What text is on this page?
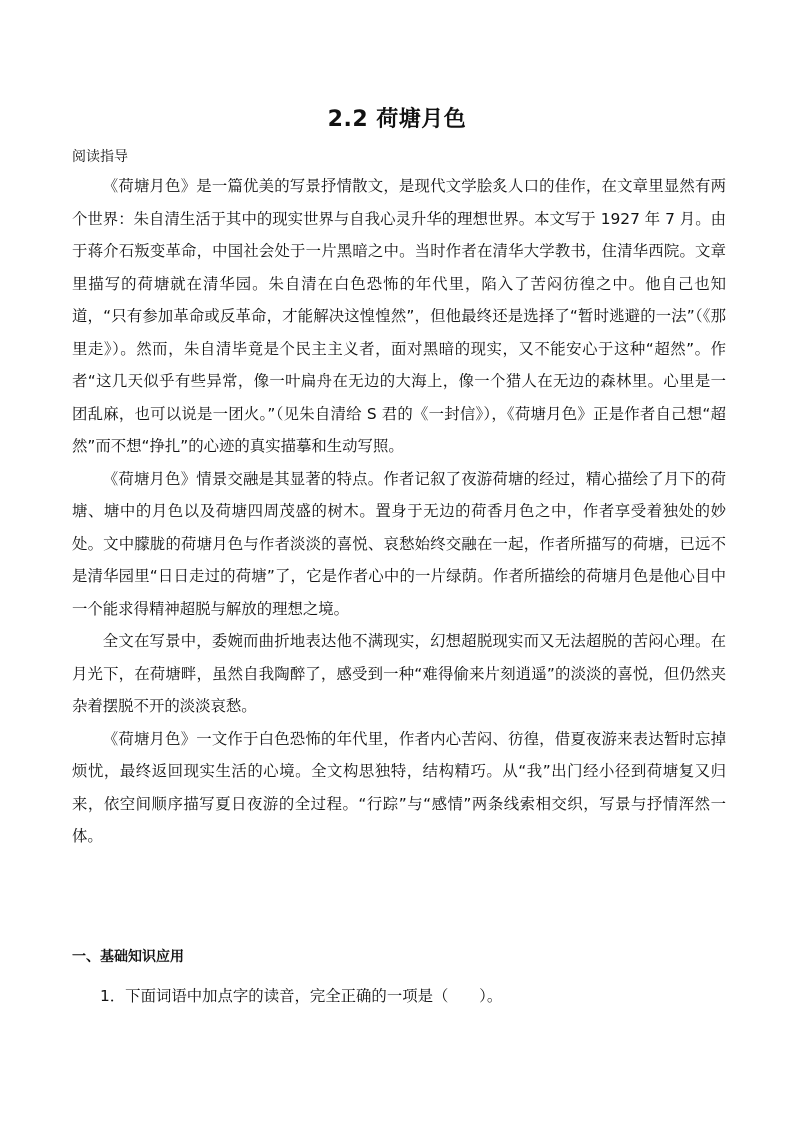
2.2 荷塘月色
阅读指导

《荷塘月色》是一篇优美的写景抒情散文，是现代文学脍炙人口的佳作，在文章里显然有两个世界：朱自清生活于其中的现实世界与自我心灵升华的理想世界。本文写于 1927 年 7 月。由于蒋介石叛变革命，中国社会处于一片黑暗之中。当时作者在清华大学教书，住清华西院。文章里描写的荷塘就在清华园。朱自清在白色恐怖的年代里，陷入了苦闷彷徨之中。他自己也知道，“只有参加革命或反革命，才能解决这惶惶然”，但他最终还是选择了“暂时逃避的一法”（《那里走》）。然而，朱自清毕竟是个民主主义者，面对黑暗的现实，又不能安心于这种“超然”。作者“这几天似乎有些异常，像一叶扁舟在无边的大海上，像一个猎人在无边的森林里。心里是一团乱麻，也可以说是一团火。”（见朱自清给 S 君的《一封信》），《荷塘月色》正是作者自己想“超然”而不想“挣扎”的心迹的真实描摹和生动写照。

《荷塘月色》情景交融是其显著的特点。作者记叙了夜游荷塘的经过，精心描绘了月下的荷塘、塘中的月色以及荷塘四周茂盛的树木。置身于无边的荷香月色之中，作者享受着独处的妙处。文中朦胧的荷塘月色与作者淡淡的喜悦、哀愁始终交融在一起，作者所描写的荷塘，已远不是清华园里“日日走过的荷塘”了，它是作者心中的一片绿荫。作者所描绘的荷塘月色是他心目中一个能求得精神超脱与解放的理想之境。

全文在写景中，委婉而曲折地表达他不满现实，幻想超脱现实而又无法超脱的苦闷心理。在月光下，在荷塘畔，虽然自我陶醉了，感受到一种“难得偷来片刻逍遥”的淡淡的喜悦，但仍然夹杂着摆脱不开的淡淡哀愁。

《荷塘月色》一文作于白色恐怖的年代里，作者内心苦闷、彷徨，借夏夜游来表达暂时忘掉烦忧，最终返回现实生活的心境。全文构思独特，结构精巧。从“我”出门经小径到荷塘复又归来，依空间顺序描写夏日夜游的全过程。“行踪”与“感情”两条线索相交织，写景与抒情浑然一体。

一、基础知识应用
1．下面词语中加点字的读音，完全正确的一项是（　　）。
